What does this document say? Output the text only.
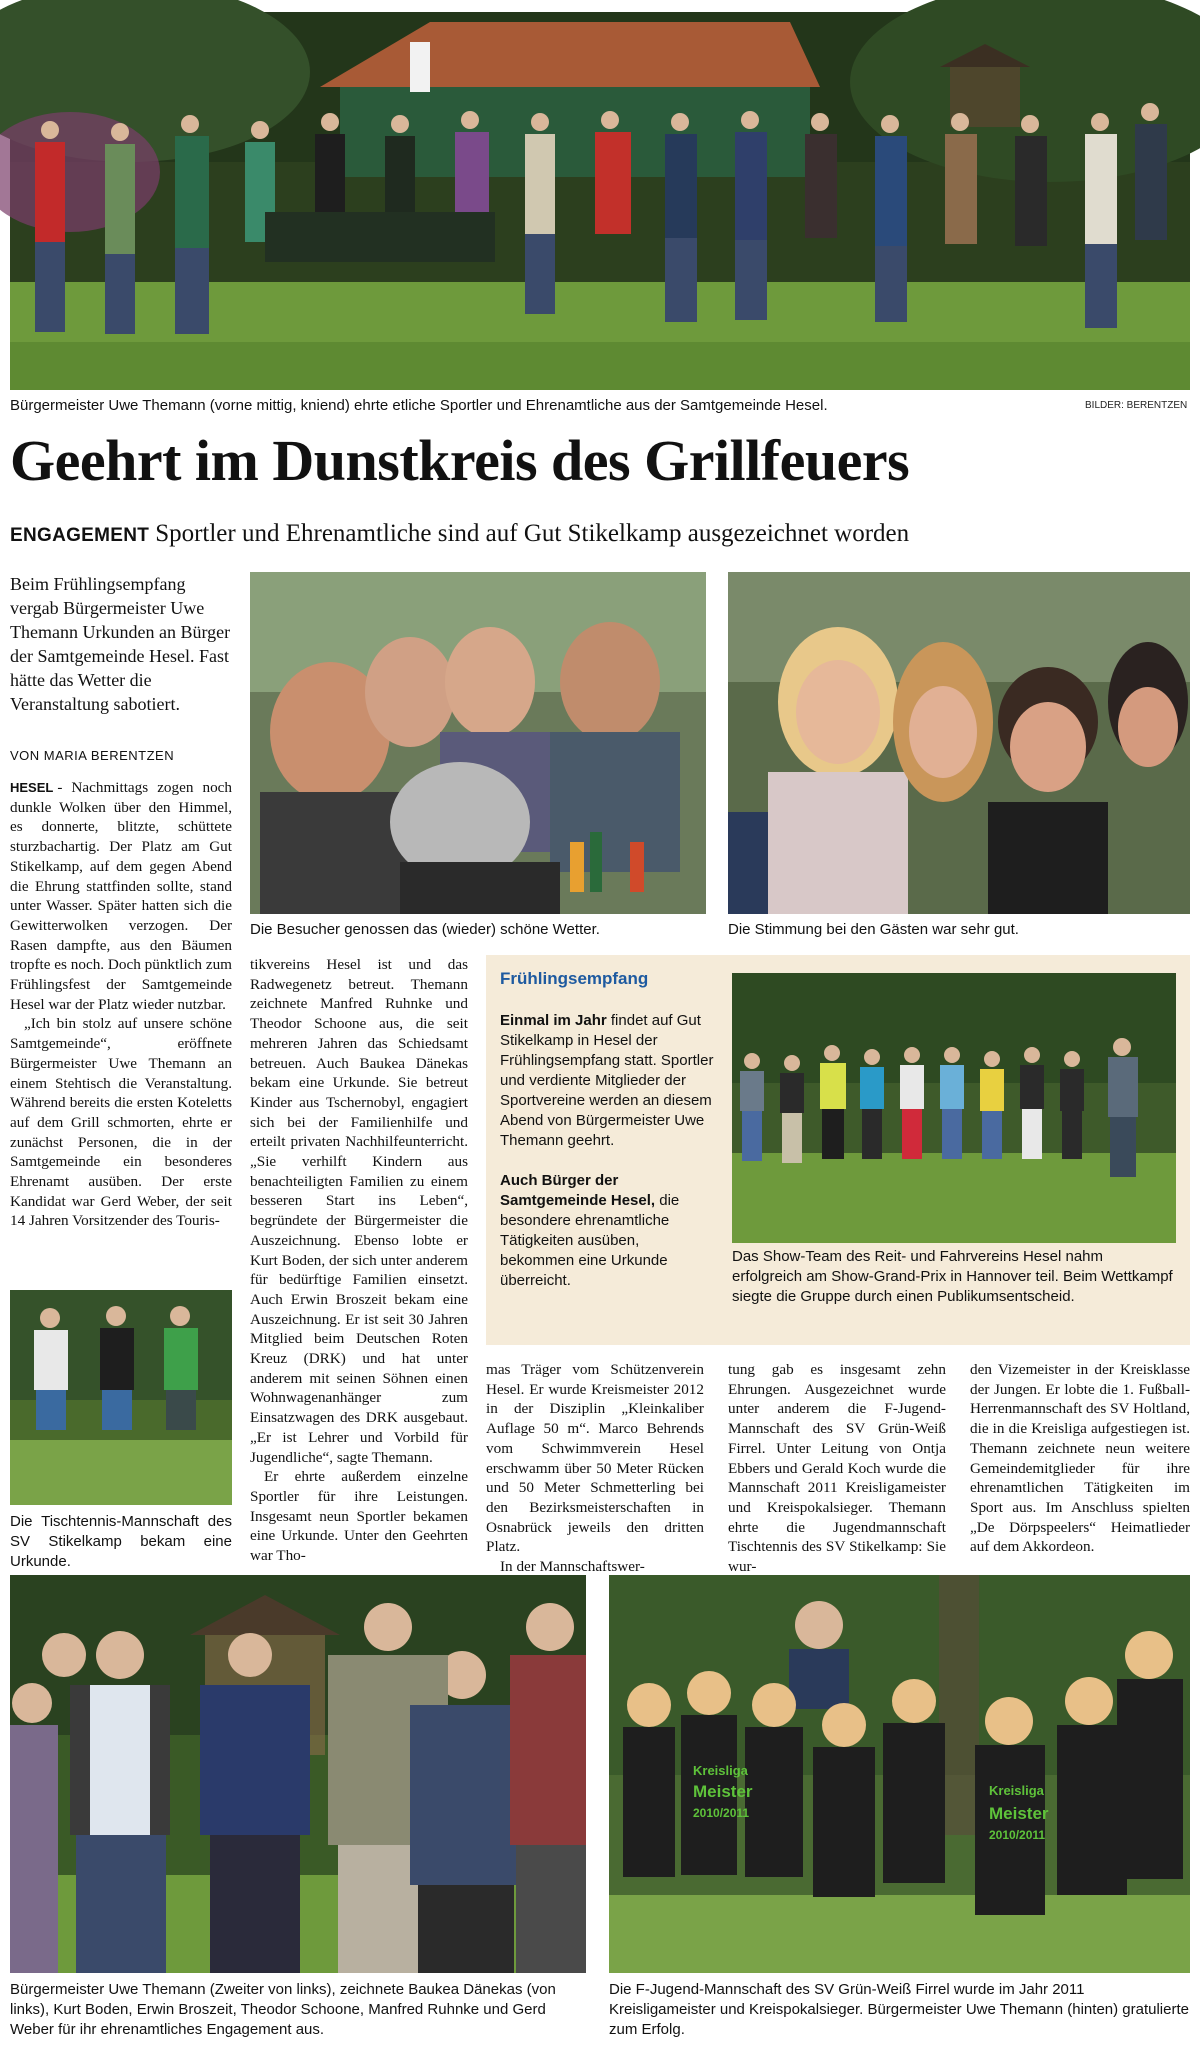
Bürgermeister Uwe Themann (vorne mittig, kniend) ehrte etliche Sportler und Ehrenamtliche aus der Samtgemeinde Hesel.	BILDER: BERENTZEN
Geehrt im Dunstkreis des Grillfeuers
ENGAGEMENT Sportler und Ehrenamtliche sind auf Gut Stikelkamp ausgezeichnet worden
Beim Frühlingsempfang vergab Bürgermeister Uwe Themann Urkunden an Bürger der Samtgemeinde Hesel. Fast hätte das Wetter die Veranstaltung sabotiert.
VON MARIA BERENTZEN

HESEL - Nachmittags zogen noch dunkle Wolken über den Himmel, es donnerte, blitzte, schüttete sturzbachartig. Der Platz am Gut Stikelkamp, auf dem gegen Abend die Ehrung stattfinden sollte, stand unter Wasser. Später hatten sich die Gewitterwolken verzogen. Der Rasen dampfte, aus den Bäumen tropfte es noch. Doch pünktlich zum Frühlingsfest der Samtgemeinde Hesel war der Platz wieder nutzbar.

„Ich bin stolz auf unsere schöne Samtgemeinde“, eröffnete Bürgermeister Uwe Themann an einem Stehtisch die Veranstaltung. Während bereits die ersten Koteletts auf dem Grill schmorten, ehrte er zunächst Personen, die in der Samtgemeinde ein besonderes Ehrenamt ausüben. Der erste Kandidat war Gerd Weber, der seit 14 Jahren Vorsitzender des Touris-

Die Tischtennis-Mannschaft des SV Stikelkamp bekam eine Urkunde.
Die Besucher genossen das (wieder) schöne Wetter.	Die Stimmung bei den Gästen war sehr gut.

tikvereins Hesel ist und das Radwegenetz betreut. Themann zeichnete Manfred Ruhnke und Theodor Schoone aus, die seit mehreren Jahren das Schiedsamt betreuen. Auch Baukea Dänekas bekam eine Urkunde. Sie betreut Kinder aus Tschernobyl, engagiert sich bei der Familienhilfe und erteilt privaten Nachhilfeunterricht. „Sie verhilft Kindern aus benachteiligten Familien zu einem besseren Start ins Leben“, begründete der Bürgermeister die Auszeichnung. Ebenso lobte er Kurt Boden, der sich unter anderem für bedürftige Familien einsetzt. Auch Erwin Broszeit bekam eine Auszeichnung. Er ist seit 30 Jahren Mitglied beim Deutschen Roten Kreuz (DRK) und hat unter anderem mit seinen Söhnen einen Wohnwagenanhänger zum Einsatzwagen des DRK ausgebaut. „Er ist Lehrer und Vorbild für Jugendliche“, sagte Themann.

Er ehrte außerdem einzelne Sportler für ihre Leistungen. Insgesamt neun Sportler bekamen eine Urkunde. Unter den Geehrten war Tho-

Frühlingsempfang

Einmal im Jahr findet auf Gut Stikelkamp in Hesel der Frühlingsempfang statt. Sportler und verdiente Mitglieder der Sportvereine werden an diesem Abend von Bürgermeister Uwe Themann geehrt.

Auch Bürger der Samtgemeinde Hesel, die besondere ehrenamtliche Tätigkeiten ausüben, bekommen eine Urkunde überreicht.

Das Show-Team des Reit- und Fahrvereins Hesel nahm erfolgreich am Show-Grand-Prix in Hannover teil. Beim Wettkampf siegte die Gruppe durch einen Publikumsentscheid.

mas Träger vom Schützenverein Hesel. Er wurde Kreismeister 2012 in der Disziplin „Kleinkaliber Auflage 50 m“. Marco Behrends vom Schwimmverein Hesel erschwamm über 50 Meter Rücken und 50 Meter Schmetterling bei den Bezirksmeisterschaften in Osnabrück jeweils den dritten Platz.

In der Mannschaftswer-

tung gab es insgesamt zehn Ehrungen. Ausgezeichnet wurde unter anderem die F-Jugend-Mannschaft des SV Grün-Weiß Firrel. Unter Leitung von Ontja Ebbers und Gerald Koch wurde die Mannschaft 2011 Kreisligameister und Kreispokalsieger. Themann ehrte die Jugendmannschaft Tischtennis des SV Stikelkamp: Sie wur-

den Vizemeister in der Kreisklasse der Jungen. Er lobte die 1. Fußball-Herrenmannschaft des SV Holtland, die in die Kreisliga aufgestiegen ist. Themann zeichnete neun weitere Gemeindemitglieder für ihre ehrenamtlichen Tätigkeiten im Sport aus. Im Anschluss spielten „De Dörpspeelers“ Heimatlieder auf dem Akkordeon.

Bürgermeister Uwe Themann (Zweiter von links), zeichnete Baukea Dänekas (von links), Kurt Boden, Erwin Broszeit, Theodor Schoone, Manfred Ruhnke und Gerd Weber für ihr ehrenamtliches Engagement aus.
Kreisliga
Meister
2010/2011
Kreisliga
Meister
2010/2011
Die F-Jugend-Mannschaft des SV Grün-Weiß Firrel wurde im Jahr 2011 Kreisligameister und Kreispokalsieger. Bürgermeister Uwe Themann (hinten) gratulierte zum Erfolg.
